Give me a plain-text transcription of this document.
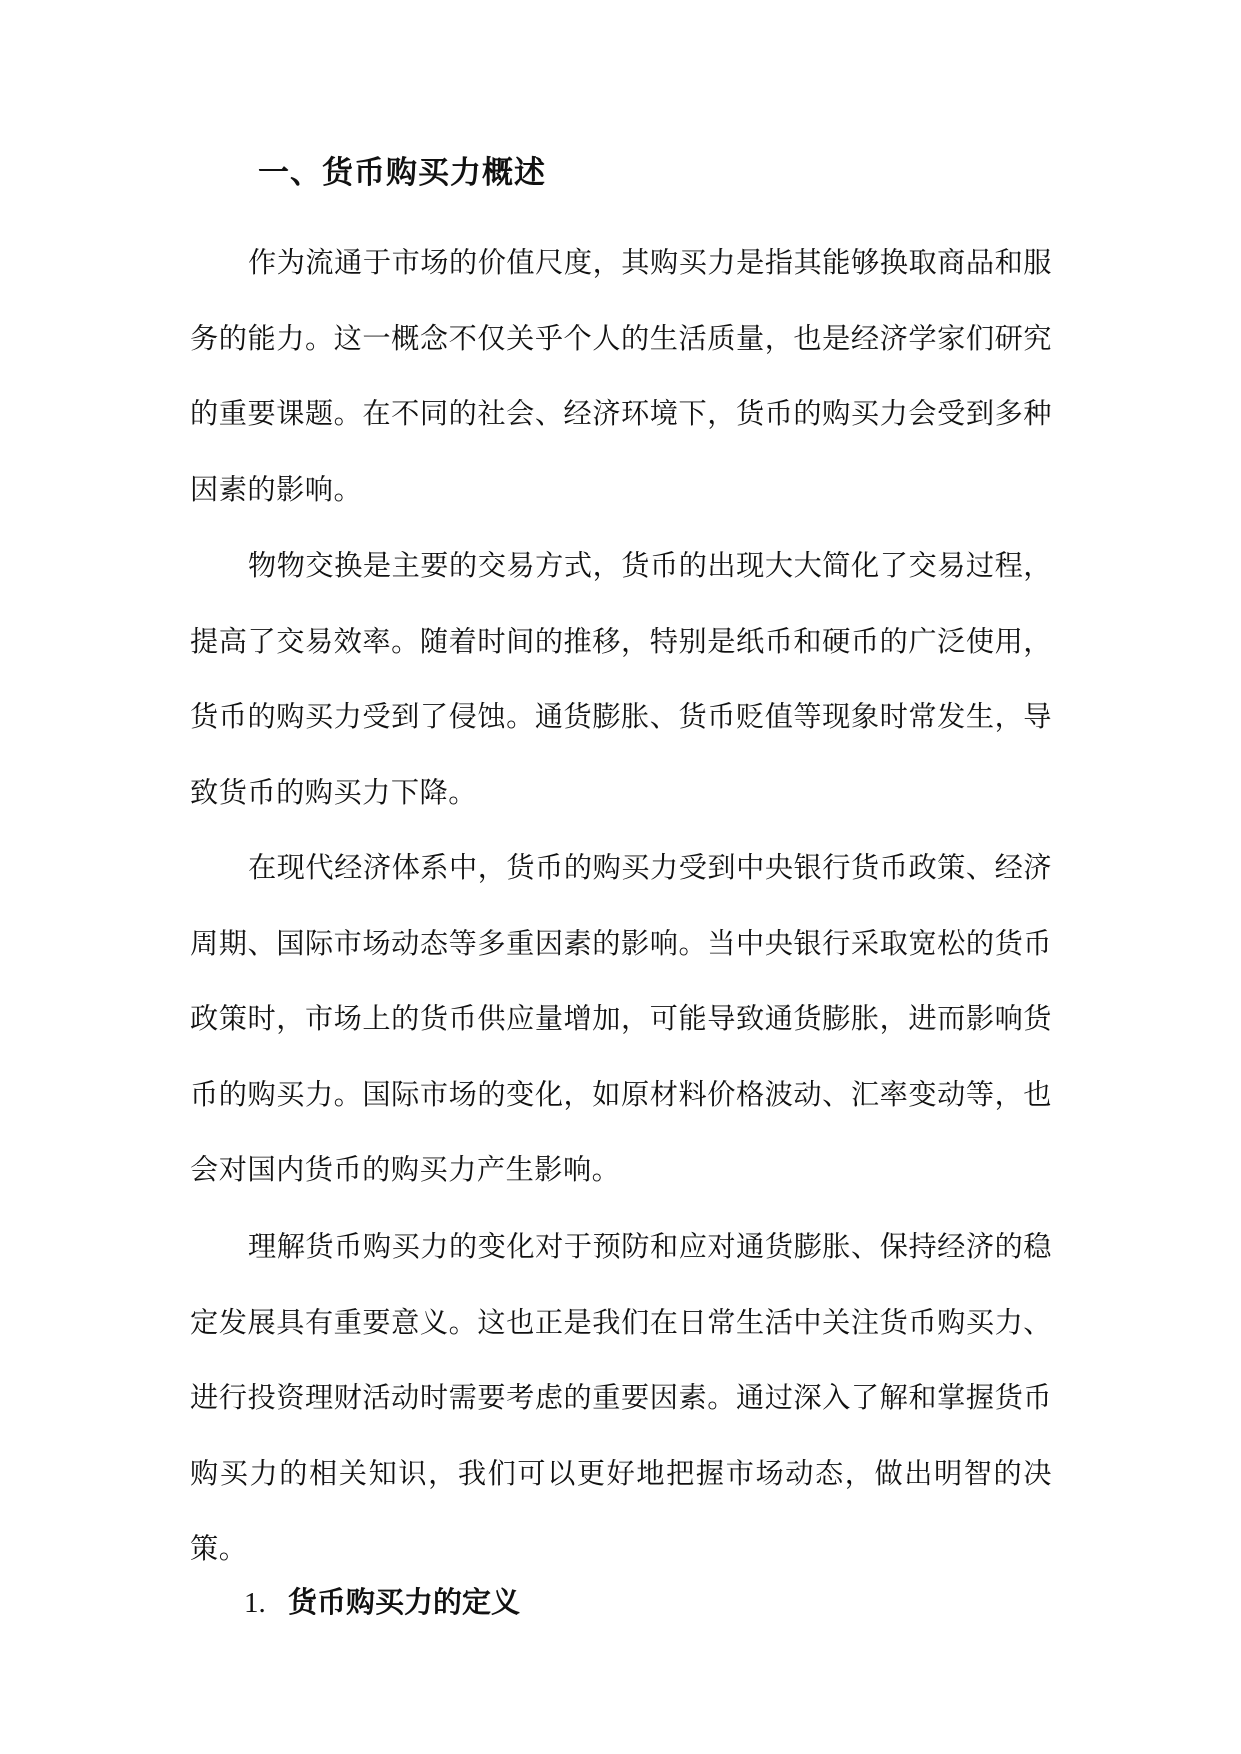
一、货币购买力概述

作为流通于市场的价值尺度，其购买力是指其能够换取商品和服务的能力。这一概念不仅关乎个人的生活质量，也是经济学家们研究的重要课题。在不同的社会、经济环境下，货币的购买力会受到多种因素的影响。

物物交换是主要的交易方式，货币的出现大大简化了交易过程，提高了交易效率。随着时间的推移，特别是纸币和硬币的广泛使用，货币的购买力受到了侵蚀。通货膨胀、货币贬值等现象时常发生，导致货币的购买力下降。

在现代经济体系中，货币的购买力受到中央银行货币政策、经济周期、国际市场动态等多重因素的影响。当中央银行采取宽松的货币政策时，市场上的货币供应量增加，可能导致通货膨胀，进而影响货币的购买力。国际市场的变化，如原材料价格波动、汇率变动等，也会对国内货币的购买力产生影响。

理解货币购买力的变化对于预防和应对通货膨胀、保持经济的稳定发展具有重要意义。这也正是我们在日常生活中关注货币购买力、进行投资理财活动时需要考虑的重要因素。通过深入了解和掌握货币购买力的相关知识，我们可以更好地把握市场动态，做出明智的决策。

1. 货币购买力的定义
